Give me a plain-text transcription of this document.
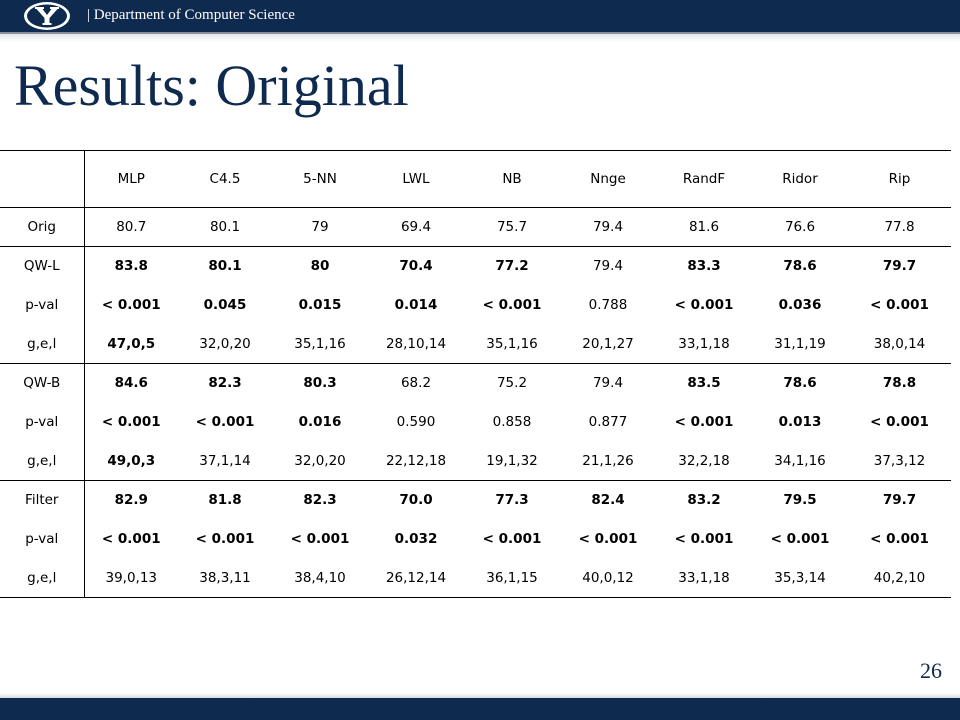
| Department of Computer Science
Results: Original
	MLP	C4.5	5-NN	LWL	NB	Nnge	RandF	Ridor	Rip
Orig	80.7	80.1	79	69.4	75.7	79.4	81.6	76.6	77.8
QW-L	83.8	80.1	80	70.4	77.2	79.4	83.3	78.6	79.7
p-val	< 0.001	0.045	0.015	0.014	< 0.001	0.788	< 0.001	0.036	< 0.001
g,e,l	47,0,5	32,0,20	35,1,16	28,10,14	35,1,16	20,1,27	33,1,18	31,1,19	38,0,14
QW-B	84.6	82.3	80.3	68.2	75.2	79.4	83.5	78.6	78.8
p-val	< 0.001	< 0.001	0.016	0.590	0.858	0.877	< 0.001	0.013	< 0.001
g,e,l	49,0,3	37,1,14	32,0,20	22,12,18	19,1,32	21,1,26	32,2,18	34,1,16	37,3,12
Filter	82.9	81.8	82.3	70.0	77.3	82.4	83.2	79.5	79.7
p-val	< 0.001	< 0.001	< 0.001	0.032	< 0.001	< 0.001	< 0.001	< 0.001	< 0.001
g,e,l	39,0,13	38,3,11	38,4,10	26,12,14	36,1,15	40,0,12	33,1,18	35,3,14	40,2,10
26
